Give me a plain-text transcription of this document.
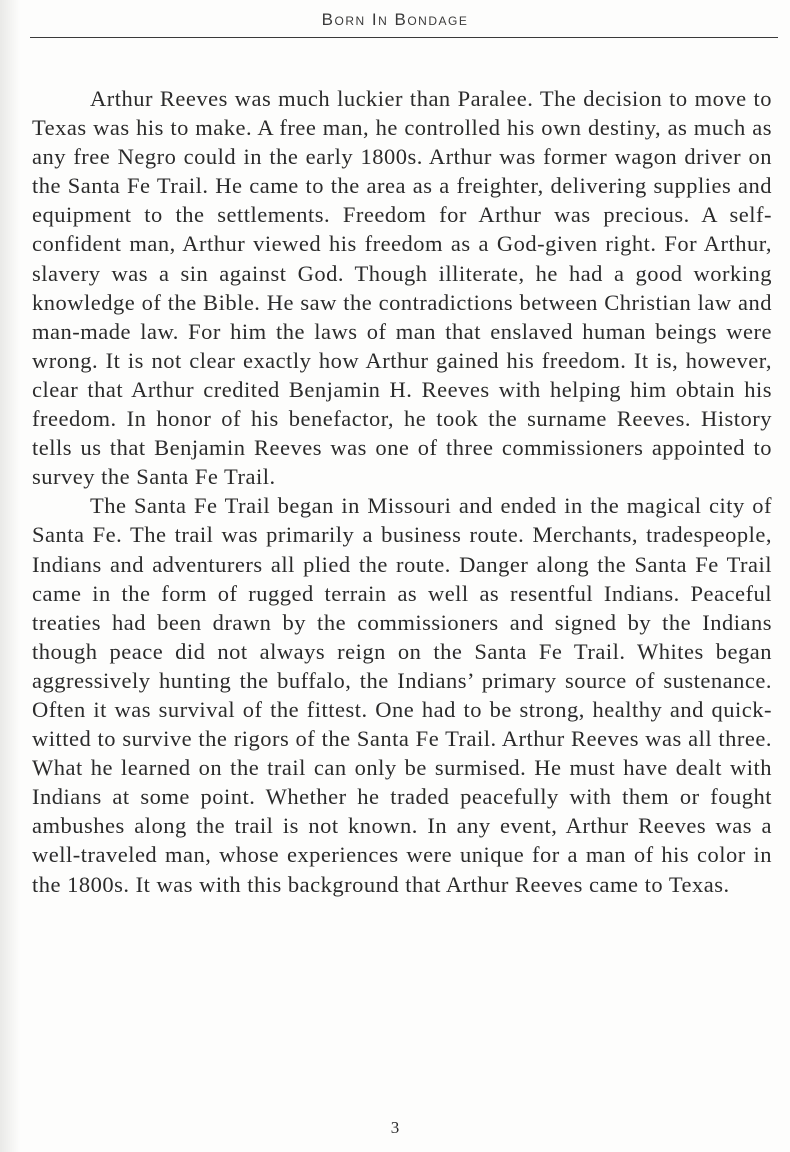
Born In Bondage

Arthur Reeves was much luckier than Paralee. The decision to move to Texas was his to make. A free man, he controlled his own destiny, as much as any free Negro could in the early 1800s. Arthur was former wagon driver on the Santa Fe Trail. He came to the area as a freighter, delivering supplies and equipment to the settlements. Freedom for Arthur was precious. A self-confident man, Arthur viewed his freedom as a God-given right. For Arthur, slavery was a sin against God. Though illiterate, he had a good working knowledge of the Bible. He saw the contradictions between Christian law and man-made law. For him the laws of man that enslaved human beings were wrong. It is not clear exactly how Arthur gained his freedom. It is, however, clear that Arthur credited Benjamin H. Reeves with helping him obtain his freedom. In honor of his benefactor, he took the surname Reeves. History tells us that Benjamin Reeves was one of three commissioners appointed to survey the Santa Fe Trail.

The Santa Fe Trail began in Missouri and ended in the magical city of Santa Fe. The trail was primarily a business route. Merchants, tradespeople, Indians and adventurers all plied the route. Danger along the Santa Fe Trail came in the form of rugged terrain as well as resentful Indians. Peaceful treaties had been drawn by the commissioners and signed by the Indians though peace did not always reign on the Santa Fe Trail. Whites began aggressively hunting the buffalo, the Indians’ primary source of sustenance. Often it was survival of the fittest. One had to be strong, healthy and quick-witted to survive the rigors of the Santa Fe Trail. Arthur Reeves was all three. What he learned on the trail can only be surmised. He must have dealt with Indians at some point. Whether he traded peacefully with them or fought ambushes along the trail is not known. In any event, Arthur Reeves was a well-traveled man, whose experiences were unique for a man of his color in the 1800s. It was with this background that Arthur Reeves came to Texas.

3
